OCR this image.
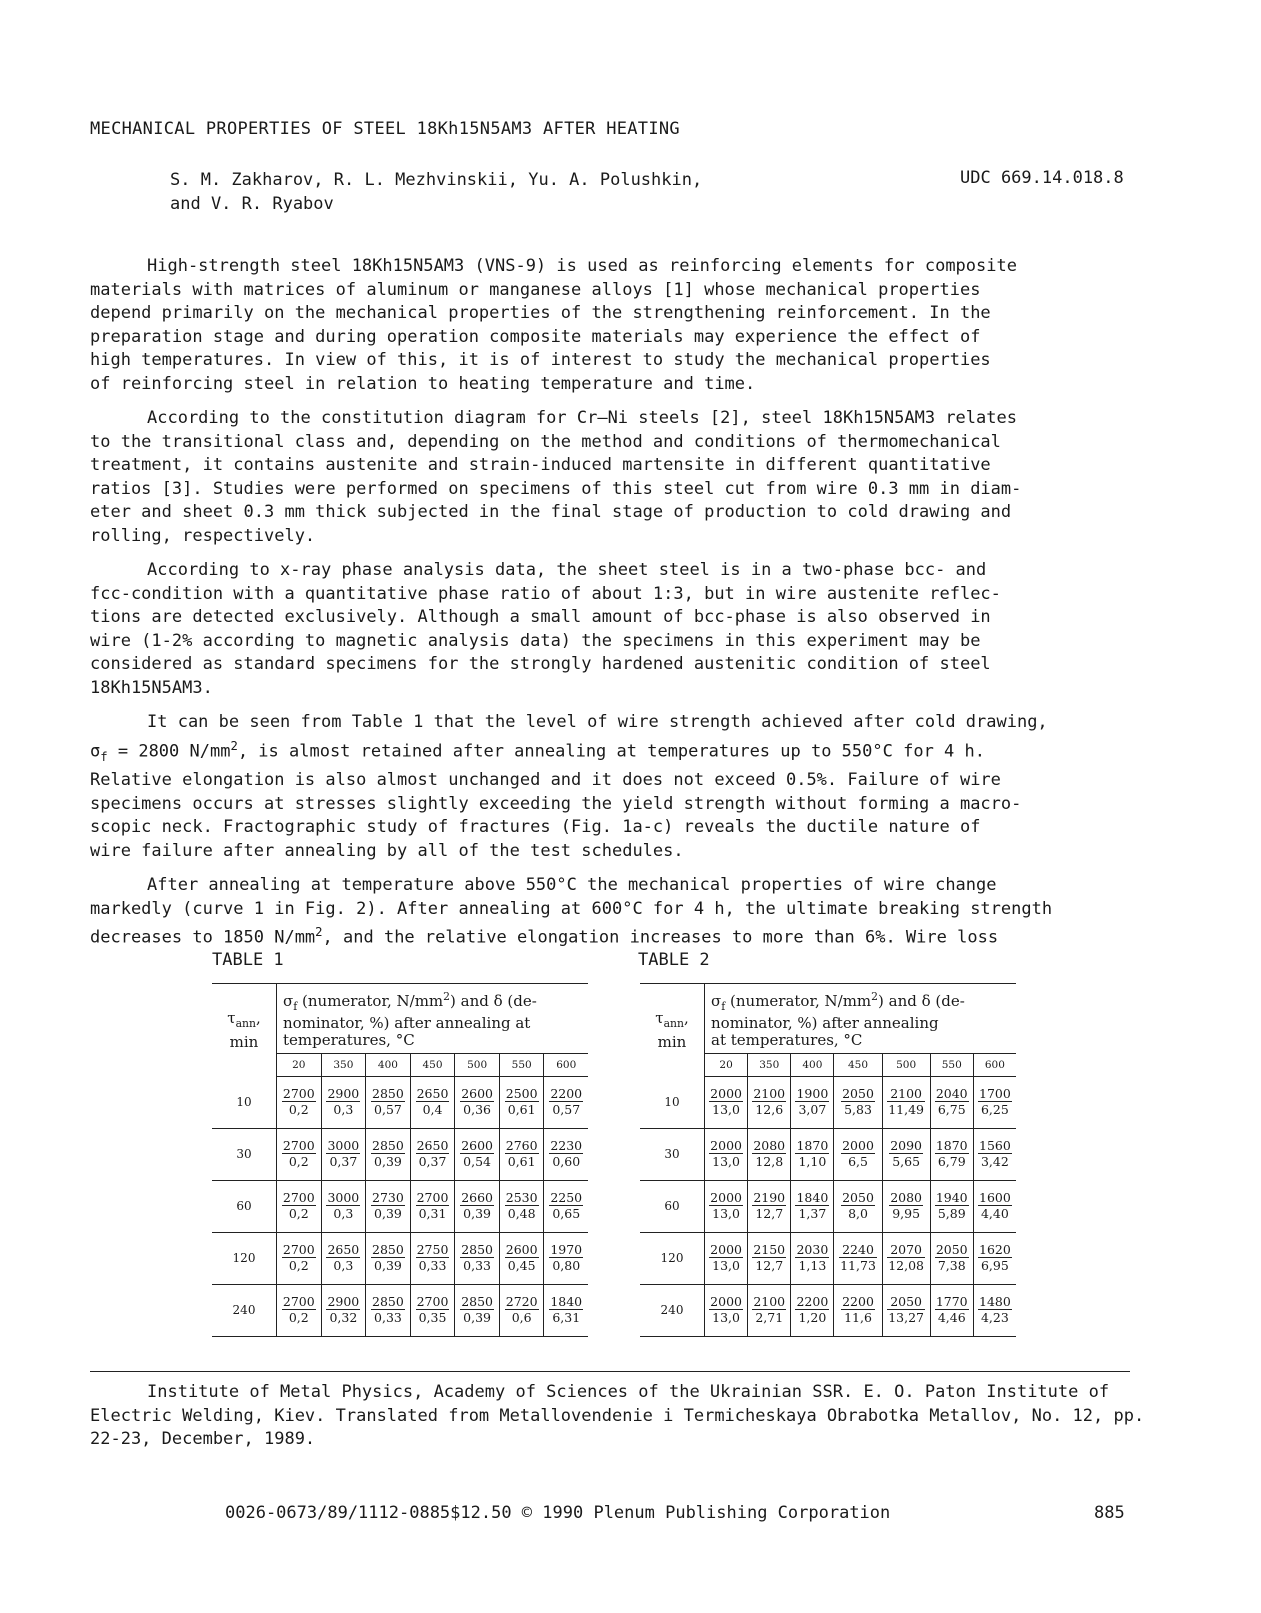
MECHANICAL PROPERTIES OF STEEL 18Kh15N5AM3 AFTER HEATING
S. M. Zakharov, R. L. Mezhvinskii, Yu. A. Polushkin,
and V. R. Ryabov
UDC 669.14.018.8

High-strength steel 18Kh15N5AM3 (VNS-9) is used as reinforcing elements for composite
materials with matrices of aluminum or manganese alloys [1] whose mechanical properties
depend primarily on the mechanical properties of the strengthening reinforcement. In the
preparation stage and during operation composite materials may experience the effect of
high temperatures. In view of this, it is of interest to study the mechanical properties
of reinforcing steel in relation to heating temperature and time.

According to the constitution diagram for Cr–Ni steels [2], steel 18Kh15N5AM3 relates
to the transitional class and, depending on the method and conditions of thermomechanical
treatment, it contains austenite and strain-induced martensite in different quantitative
ratios [3]. Studies were performed on specimens of this steel cut from wire 0.3 mm in diam-
eter and sheet 0.3 mm thick subjected in the final stage of production to cold drawing and
rolling, respectively.

According to x-ray phase analysis data, the sheet steel is in a two-phase bcc- and
fcc-condition with a quantitative phase ratio of about 1:3, but in wire austenite reflec-
tions are detected exclusively. Although a small amount of bcc-phase is also observed in
wire (1-2% according to magnetic analysis data) the specimens in this experiment may be
considered as standard specimens for the strongly hardened austenitic condition of steel
18Kh15N5AM3.

It can be seen from Table 1 that the level of wire strength achieved after cold drawing,
$\sigma_f = 2800$ $N/mm^2$, is almost retained after annealing at temperatures up to 550°C for 4 h.
Relative elongation is also almost unchanged and it does not exceed 0.5%. Failure of wire
specimens occurs at stresses slightly exceeding the yield strength without forming a macro-
scopic neck. Fractographic study of fractures (Fig. 1a-c) reveals the ductile nature of
wire failure after annealing by all of the test schedules.

After annealing at temperature above 550°C the mechanical properties of wire change
markedly (curve 1 in Fig. 2). After annealing at 600°C for 4 h, the ultimate breaking strength
decreases to 1850 $N/mm^2$, and the relative elongation increases to more than 6%. Wire loss

TABLE 1
$\tau_{ann}$,
min	$\sigma_f$ (numerator, $N/mm^2$) and δ (de- nominator, %) after annealing at temperatures, °C						
	20	350	400	450	500	550	600
10	$\frac{2700}{0,2}$	$\frac{2900}{0,3}$	$\frac{2850}{0,57}$	$\frac{2650}{0,4}$	$\frac{2600}{0,36}$	$\frac{2500}{0,61}$	$\frac{2200}{0,57}$

30	$\frac{2700}{0,2}$	$\frac{3000}{0,37}$	$\frac{2850}{0,39}$	$\frac{2650}{0,37}$	$\frac{2600}{0,54}$	$\frac{2760}{0,61}$	$\frac{2230}{0,60}$

60	$\frac{2700}{0,2}$	$\frac{3000}{0,3}$	$\frac{2730}{0,39}$	$\frac{2700}{0,31}$	$\frac{2660}{0,39}$	$\frac{2530}{0,48}$	$\frac{2250}{0,65}$

120	$\frac{2700}{0,2}$	$\frac{2650}{0,3}$	$\frac{2850}{0,39}$	$\frac{2750}{0,33}$	$\frac{2850}{0,33}$	$\frac{2600}{0,45}$	$\frac{1970}{0,80}$

240	$\frac{2700}{0,2}$	$\frac{2900}{0,32}$	$\frac{2850}{0,33}$	$\frac{2700}{0,35}$	$\frac{2850}{0,39}$	$\frac{2720}{0,6}$	$\frac{1840}{6,31}$
TABLE 2
$\tau_{ann}$,
min	$\sigma_f$ (numerator, $N/mm^2$) and δ (de-
nominator, %) after annealing
at temperatures, °C						
	20	350	400	450	500	550	600
10	$\frac{2000}{13,0}$	$\frac{2100}{12,6}$	$\frac{1900}{3,07}$	$\frac{2050}{5,83}$	$\frac{2100}{11,49}$	$\frac{2040}{6,75}$	$\frac{1700}{6,25}$

30	$\frac{2000}{13,0}$	$\frac{2080}{12,8}$	$\frac{1870}{1,10}$	$\frac{2000}{6,5}$	$\frac{2090}{5,65}$	$\frac{1870}{6,79}$	$\frac{1560}{3,42}$

60	$\frac{2000}{13,0}$	$\frac{2190}{12,7}$	$\frac{1840}{1,37}$	$\frac{2050}{8,0}$	$\frac{2080}{9,95}$	$\frac{1940}{5,89}$	$\frac{1600}{4,40}$

120	$\frac{2000}{13,0}$	$\frac{2150}{12,7}$	$\frac{2030}{1,13}$	$\frac{2240}{11,73}$	$\frac{2070}{12,08}$	$\frac{2050}{7,38}$	$\frac{1620}{6,95}$

240	$\frac{2000}{13,0}$	$\frac{2100}{2,71}$	$\frac{2200}{1,20}$	$\frac{2200}{11,6}$	$\frac{2050}{13,27}$	$\frac{1770}{4,46}$	$\frac{1480}{4,23}$

Institute of Metal Physics, Academy of Sciences of the Ukrainian SSR. E. O. Paton Institute of Electric Welding, Kiev. Translated from Metallovendenie i Termicheskaya Obrabotka Metallov, No. 12, pp. 22-23, December, 1989.

0026-0673/89/1112-0885$12.50 © 1990 Plenum Publishing Corporation	885
